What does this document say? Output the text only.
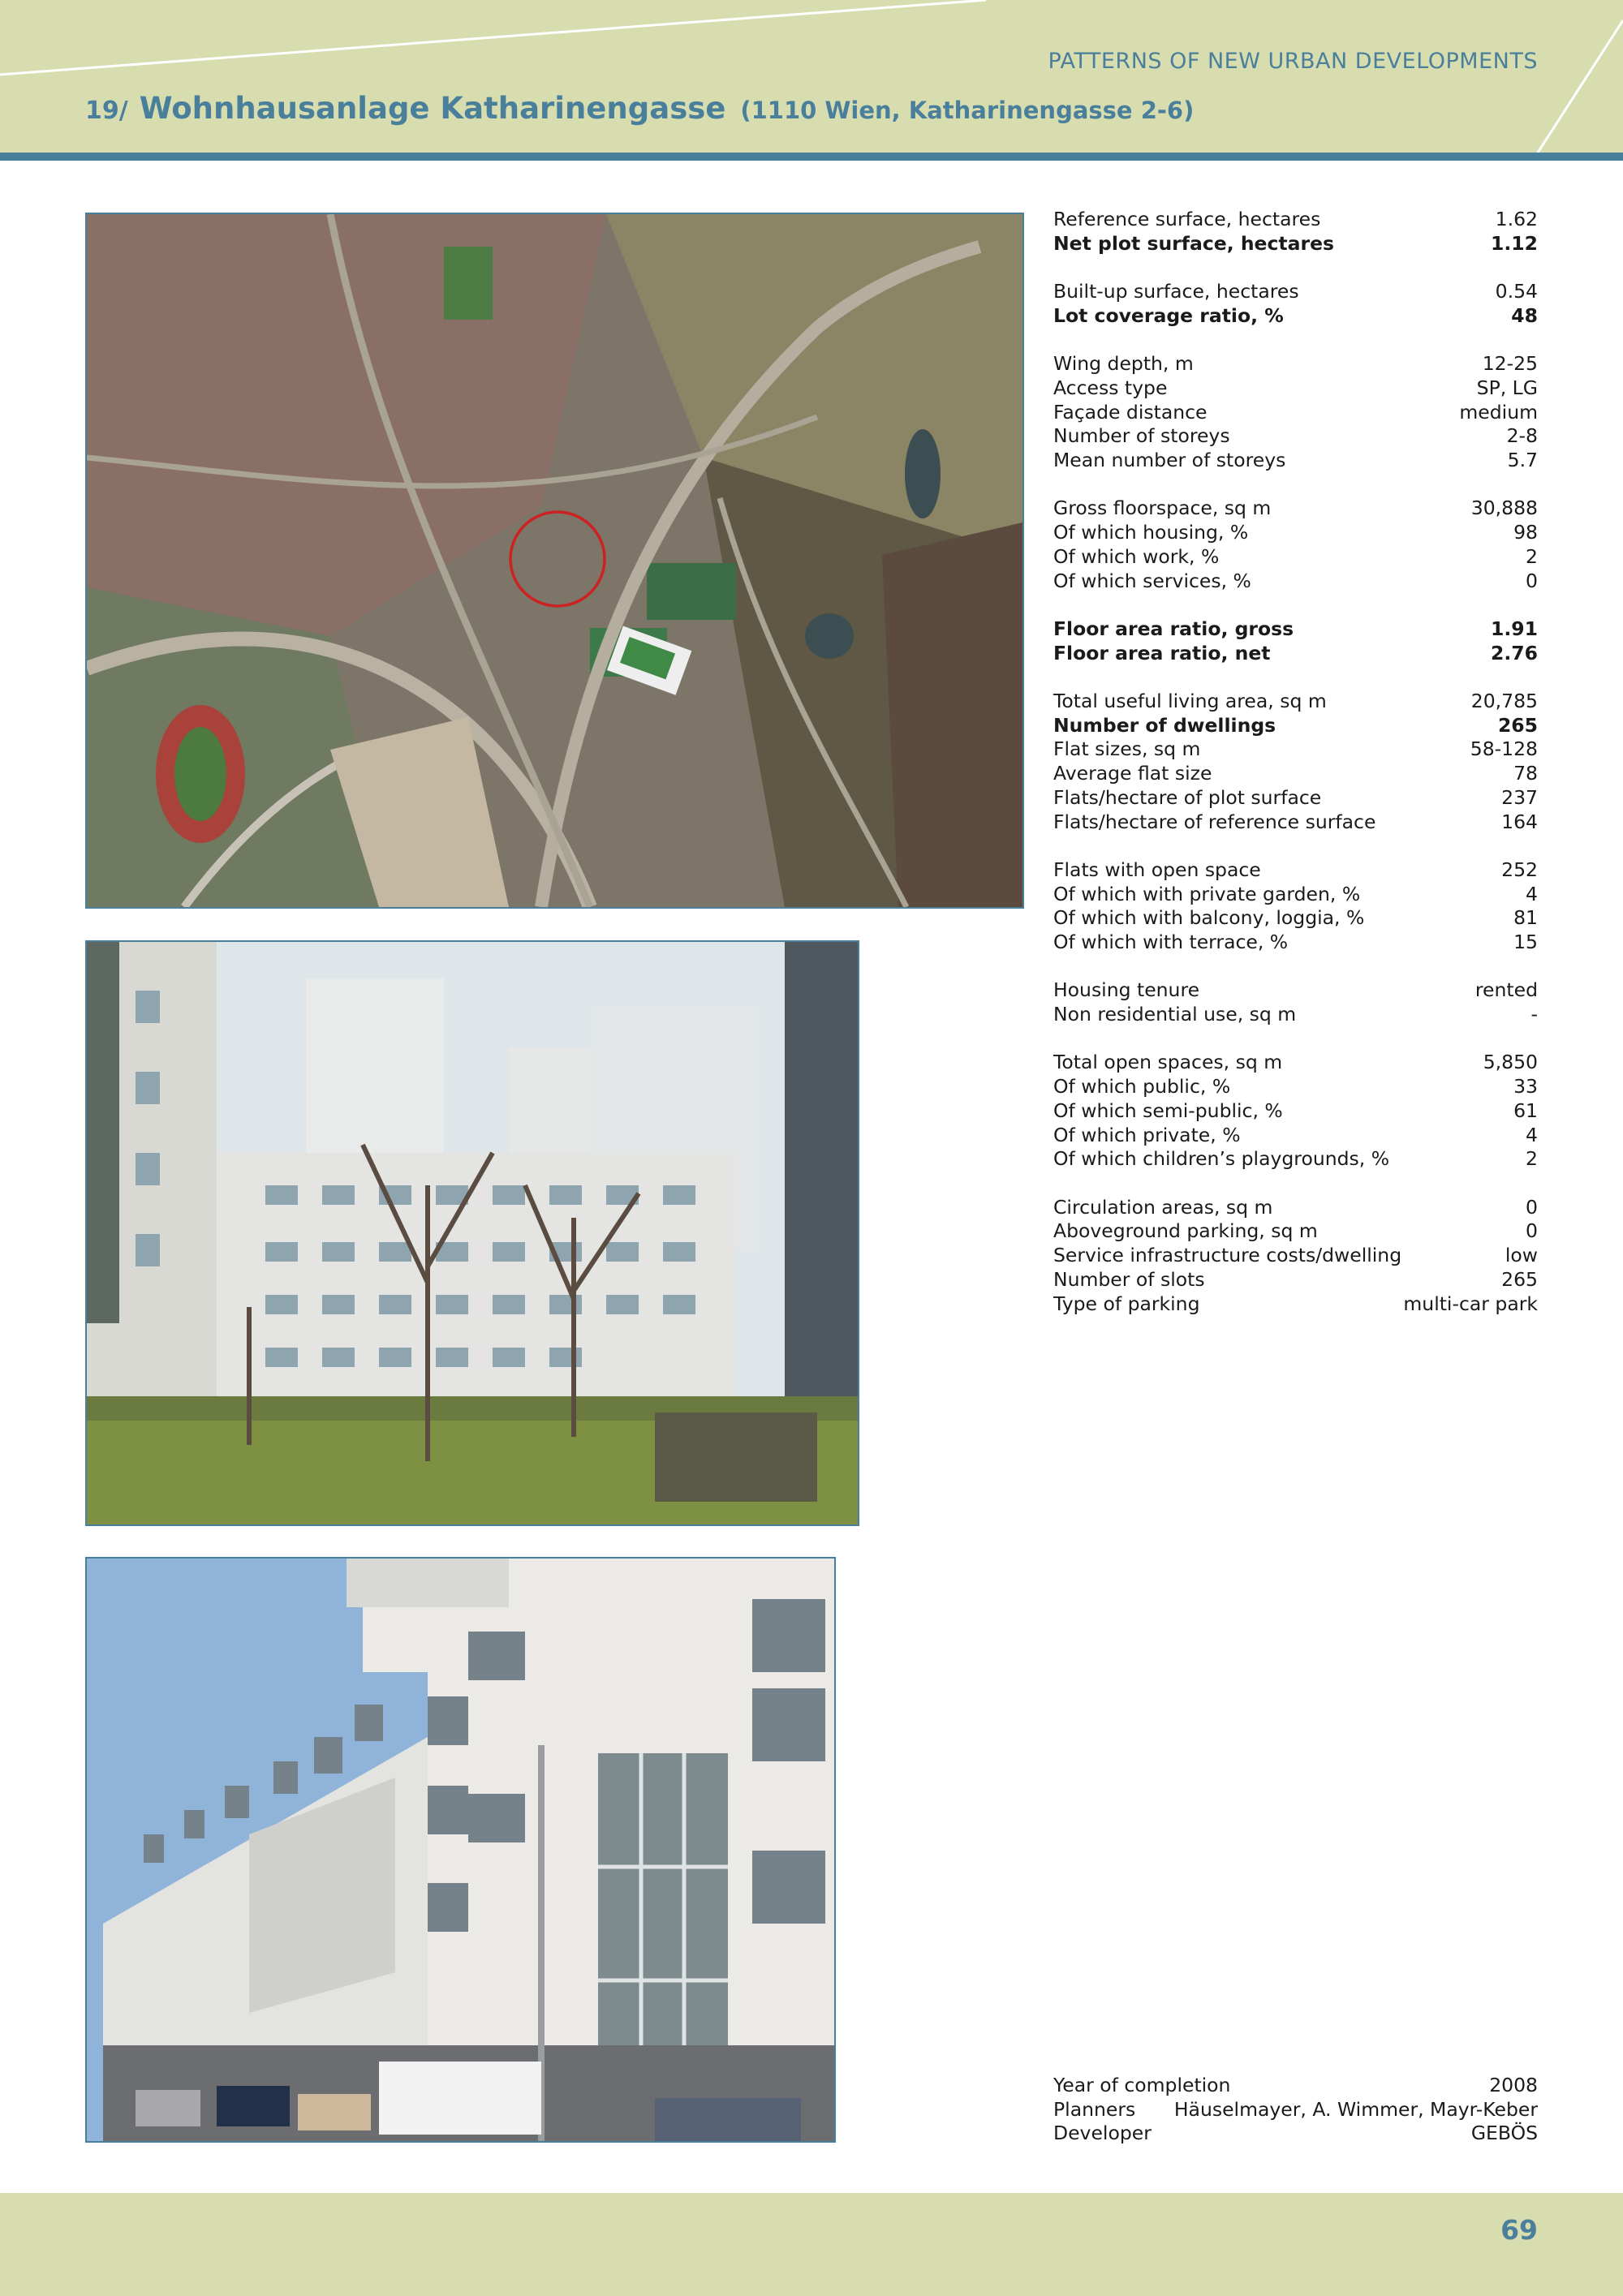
PATTERNS OF NEW URBAN DEVELOPMENTS
19/ Wohnhausanlage Katharinengasse (1110 Wien, Katharinengasse 2-6)
Reference surface, hectares	1.62
Net plot surface, hectares	1.12
Built-up surface, hectares	0.54
Lot coverage ratio, %	48
Wing depth, m	12-25
Access type	SP, LG
Façade distance	medium
Number of storeys	2-8
Mean number of storeys	5.7
Gross floorspace, sq m	30,888
Of which housing, %	98
Of which work, %	2
Of which services, %	0
Floor area ratio, gross	1.91
Floor area ratio, net	2.76
Total useful living area, sq m	20,785
Number of dwellings	265
Flat sizes, sq m	58-128
Average flat size	78
Flats/hectare of plot surface	237
Flats/hectare of reference surface	164
Flats with open space	252
Of which with private garden, %	4
Of which with balcony, loggia, %	81
Of which with terrace, %	15
Housing tenure	rented
Non residential use, sq m	-
Total open spaces, sq m	5,850
Of which public, %	33
Of which semi-public, %	61
Of which private, %	4
Of which children’s playgrounds, %	2
Circulation areas, sq m	0
Aboveground parking, sq m	0
Service infrastructure costs/dwelling	low
Number of slots	265
Type of parking	multi-car park
Year of completion	2008
Planners Häuselmayer, A. Wimmer, Mayr-Keber
Developer	GEBÖS
69
